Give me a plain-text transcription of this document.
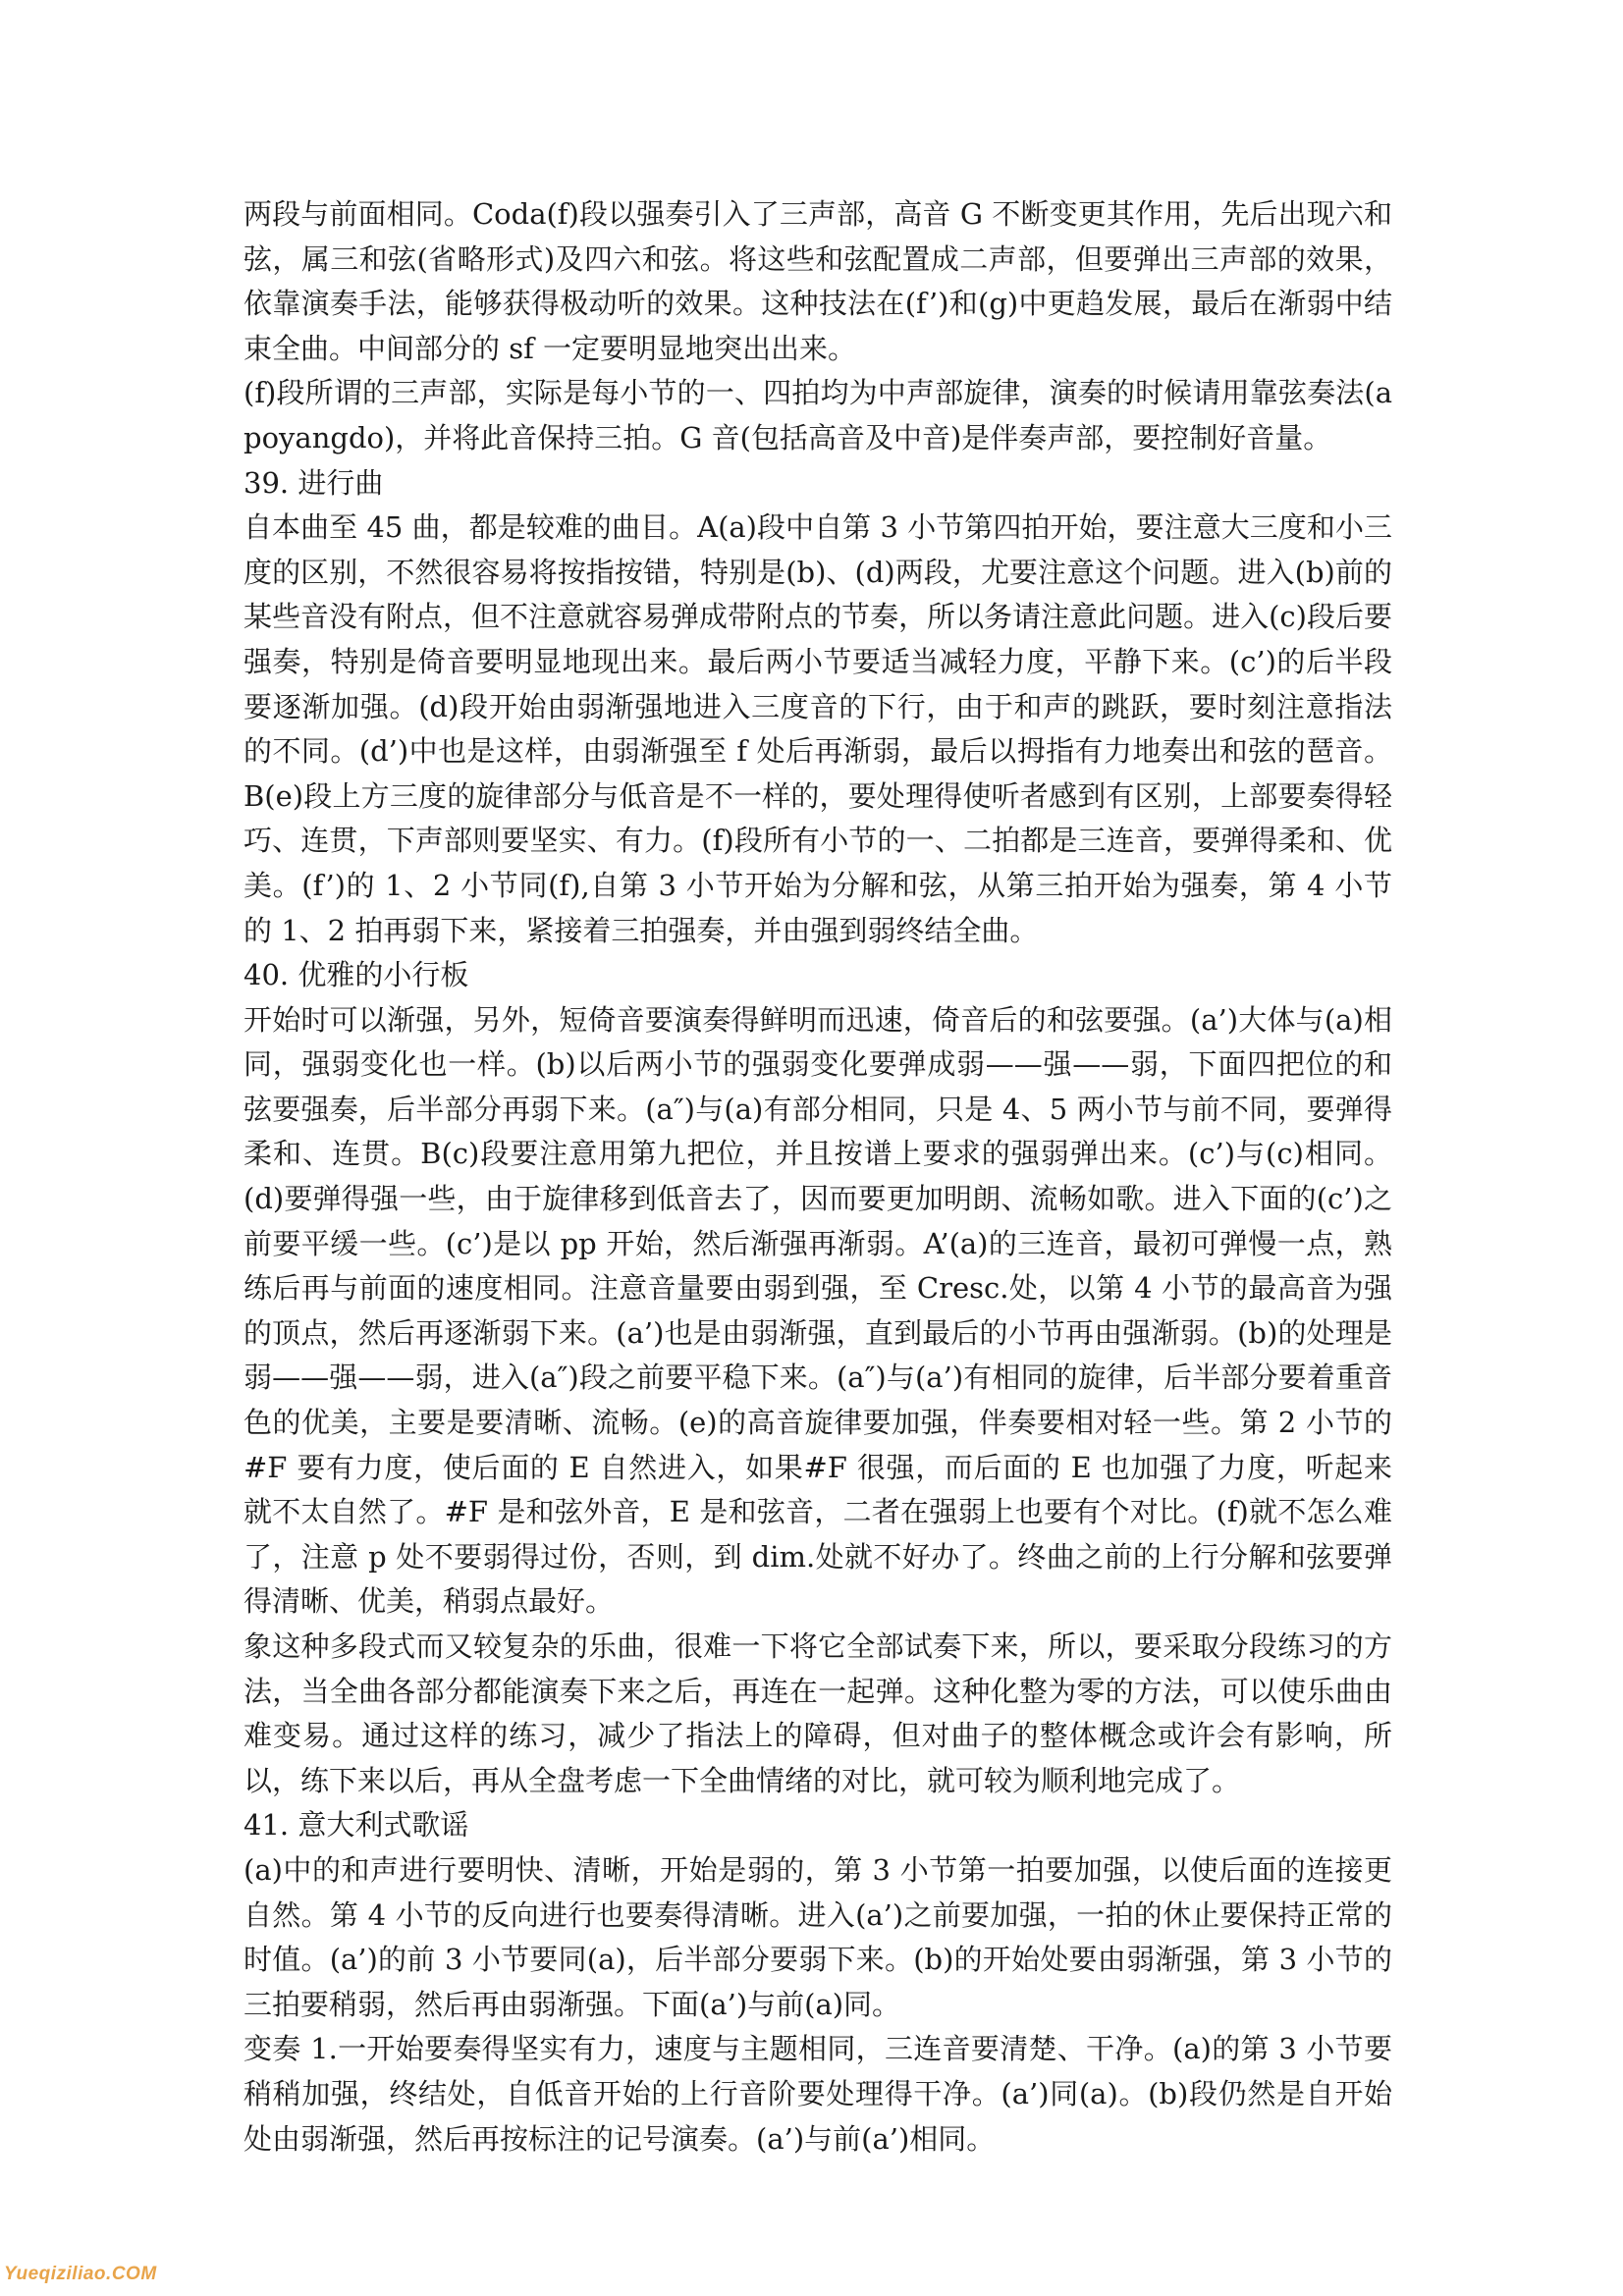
两段与前面相同。Coda(f)段以强奏引入了三声部，高音 G 不断变更其作用，先后出现六和弦，属三和弦(省略形式)及四六和弦。将这些和弦配置成二声部，但要弹出三声部的效果，依靠演奏手法，能够获得极动听的效果。这种技法在(f’)和(g)中更趋发展，最后在渐弱中结束全曲。中间部分的 sf 一定要明显地突出出来。

(f)段所谓的三声部，实际是每小节的一、四拍均为中声部旋律，演奏的时候请用靠弦奏法(apoyangdo)，并将此音保持三拍。G 音(包括高音及中音)是伴奏声部，要控制好音量。

39. 进行曲

自本曲至 45 曲，都是较难的曲目。A(a)段中自第 3 小节第四拍开始，要注意大三度和小三度的区别，不然很容易将按指按错，特别是(b)、(d)两段，尤要注意这个问题。进入(b)前的某些音没有附点，但不注意就容易弹成带附点的节奏，所以务请注意此问题。进入(c)段后要强奏，特别是倚音要明显地现出来。最后两小节要适当减轻力度，平静下来。(c’)的后半段要逐渐加强。(d)段开始由弱渐强地进入三度音的下行，由于和声的跳跃，要时刻注意指法的不同。(d’)中也是这样，由弱渐强至 f 处后再渐弱，最后以拇指有力地奏出和弦的琶音。B(e)段上方三度的旋律部分与低音是不一样的，要处理得使听者感到有区别，上部要奏得轻巧、连贯，下声部则要坚实、有力。(f)段所有小节的一、二拍都是三连音，要弹得柔和、优美。(f’)的 1、2 小节同(f),自第 3 小节开始为分解和弦，从第三拍开始为强奏，第 4 小节的 1、2 拍再弱下来，紧接着三拍强奏，并由强到弱终结全曲。

40. 优雅的小行板

开始时可以渐强，另外，短倚音要演奏得鲜明而迅速，倚音后的和弦要强。(a’)大体与(a)相同，强弱变化也一样。(b)以后两小节的强弱变化要弹成弱——强——弱，下面四把位的和弦要强奏，后半部分再弱下来。(a″)与(a)有部分相同，只是 4、5 两小节与前不同，要弹得柔和、连贯。B(c)段要注意用第九把位，并且按谱上要求的强弱弹出来。(c’)与(c)相同。(d)要弹得强一些，由于旋律移到低音去了，因而要更加明朗、流畅如歌。进入下面的(c’)之前要平缓一些。(c’)是以 pp 开始，然后渐强再渐弱。A’(a)的三连音，最初可弹慢一点，熟练后再与前面的速度相同。注意音量要由弱到强，至 Cresc.处，以第 4 小节的最高音为强的顶点，然后再逐渐弱下来。(a’)也是由弱渐强，直到最后的小节再由强渐弱。(b)的处理是弱——强——弱，进入(a″)段之前要平稳下来。(a″)与(a’)有相同的旋律，后半部分要着重音色的优美，主要是要清晰、流畅。(e)的高音旋律要加强，伴奏要相对轻一些。第 2 小节的#F 要有力度，使后面的 E 自然进入，如果#F 很强，而后面的 E 也加强了力度，听起来就不太自然了。#F 是和弦外音，E 是和弦音，二者在强弱上也要有个对比。(f)就不怎么难了，注意 p 处不要弱得过份，否则，到 dim.处就不好办了。终曲之前的上行分解和弦要弹得清晰、优美，稍弱点最好。

象这种多段式而又较复杂的乐曲，很难一下将它全部试奏下来，所以，要采取分段练习的方法，当全曲各部分都能演奏下来之后，再连在一起弹。这种化整为零的方法，可以使乐曲由难变易。通过这样的练习，减少了指法上的障碍，但对曲子的整体概念或许会有影响，所以，练下来以后，再从全盘考虑一下全曲情绪的对比，就可较为顺利地完成了。

41. 意大利式歌谣

(a)中的和声进行要明快、清晰，开始是弱的，第 3 小节第一拍要加强，以使后面的连接更自然。第 4 小节的反向进行也要奏得清晰。进入(a’)之前要加强，一拍的休止要保持正常的时值。(a’)的前 3 小节要同(a)，后半部分要弱下来。(b)的开始处要由弱渐强，第 3 小节的三拍要稍弱，然后再由弱渐强。下面(a’)与前(a)同。

变奏 1.一开始要奏得坚实有力，速度与主题相同，三连音要清楚、干净。(a)的第 3 小节要稍稍加强，终结处，自低音开始的上行音阶要处理得干净。(a’)同(a)。(b)段仍然是自开始处由弱渐强，然后再按标注的记号演奏。(a’)与前(a’)相同。

Yueqiziliao.COM
